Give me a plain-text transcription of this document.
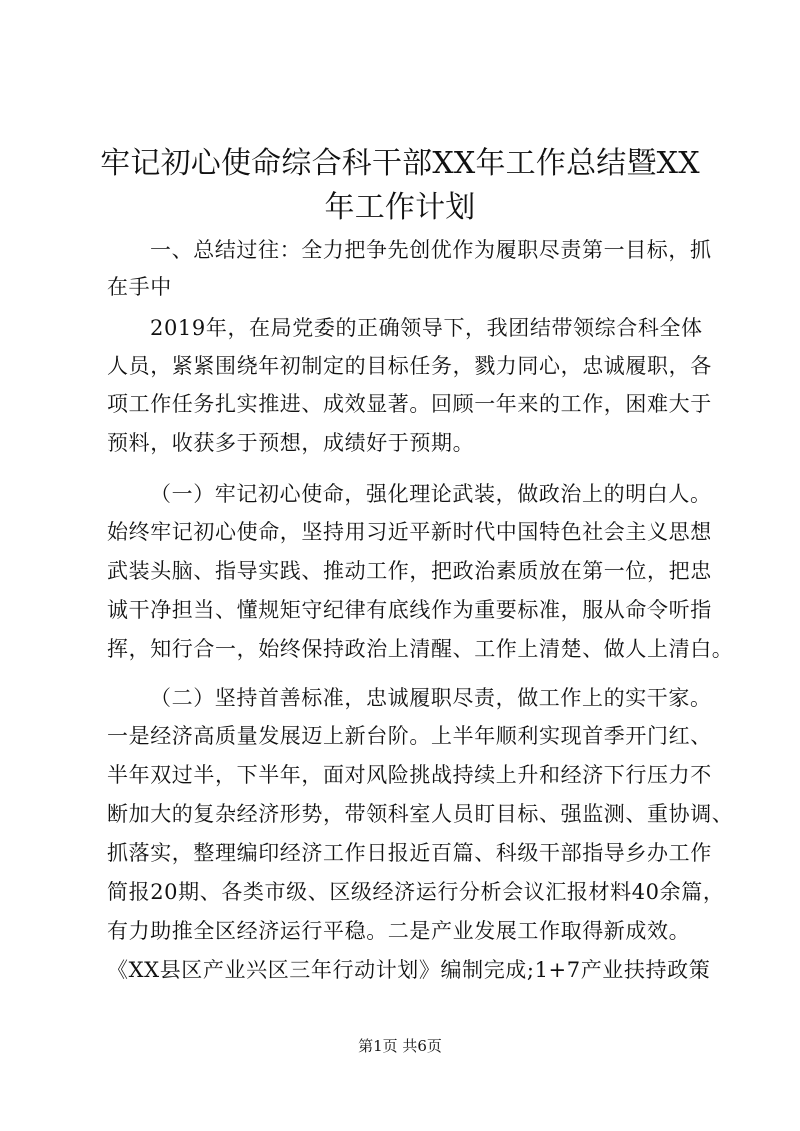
牢记初心使命综合科干部XX年工作总结暨XX
年工作计划
一、总结过往：全力把争先创优作为履职尽责第一目标，抓
在手中
2019年，在局党委的正确领导下，我团结带领综合科全体
人员，紧紧围绕年初制定的目标任务，戮力同心，忠诚履职，各
项工作任务扎实推进、成效显著。回顾一年来的工作，困难大于
预料，收获多于预想，成绩好于预期。
（一）牢记初心使命，强化理论武装，做政治上的明白人。
始终牢记初心使命，坚持用习近平新时代中国特色社会主义思想
武装头脑、指导实践、推动工作，把政治素质放在第一位，把忠
诚干净担当、懂规矩守纪律有底线作为重要标准，服从命令听指
挥，知行合一，始终保持政治上清醒、工作上清楚、做人上清白。
（二）坚持首善标准，忠诚履职尽责，做工作上的实干家。
一是经济高质量发展迈上新台阶。上半年顺利实现首季开门红、
半年双过半，下半年，面对风险挑战持续上升和经济下行压力不
断加大的复杂经济形势，带领科室人员盯目标、强监测、重协调、
抓落实，整理编印经济工作日报近百篇、科级干部指导乡办工作
简报20期、各类市级、区级经济运行分析会议汇报材料40余篇，
有力助推全区经济运行平稳。二是产业发展工作取得新成效。
《XX县区产业兴区三年行动计划》编制完成;1+7产业扶持政策
第1页 共6页
